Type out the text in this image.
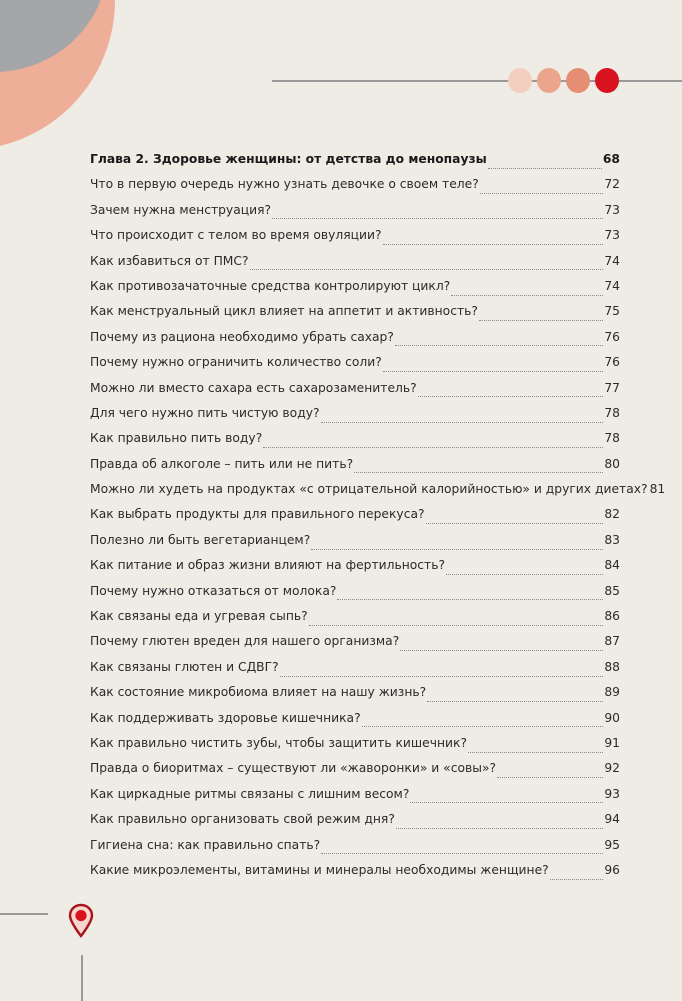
Глава 2. Здоровье женщины: от детства до менопаузы	68
Что в первую очередь нужно узнать девочке о своем теле?	72
Зачем нужна менструация?	73
Что происходит с телом во время овуляции?	73
Как избавиться от ПМС?	74
Как противозачаточные средства контролируют цикл?	74
Как менструальный цикл влияет на аппетит и активность?	75
Почему из рациона необходимо убрать сахар?	76
Почему нужно ограничить количество соли?	76
Можно ли вместо сахара есть сахарозаменитель?	77
Для чего нужно пить чистую воду?	78
Как правильно пить воду?	78
Правда об алкоголе – пить или не пить?	80
Можно ли худеть на продуктах «с отрицательной калорийностью» и других диетах? 81
Как выбрать продукты для правильного перекуса?	82
Полезно ли быть вегетарианцем?	83
Как питание и образ жизни влияют на фертильность?	84
Почему нужно отказаться от молока?	85
Как связаны еда и угревая сыпь?	86
Почему глютен вреден для нашего организма?	87
Как связаны глютен и СДВГ?	88
Как состояние микробиома влияет на нашу жизнь?	89
Как поддерживать здоровье кишечника?	90
Как правильно чистить зубы, чтобы защитить кишечник?	91
Правда о биоритмах – существуют ли «жаворонки» и «совы»?	92
Как циркадные ритмы связаны с лишним весом?	93
Как правильно организовать свой режим дня?	94
Гигиена сна: как правильно спать?	95
Какие микроэлементы, витамины и минералы необходимы женщине?	96
